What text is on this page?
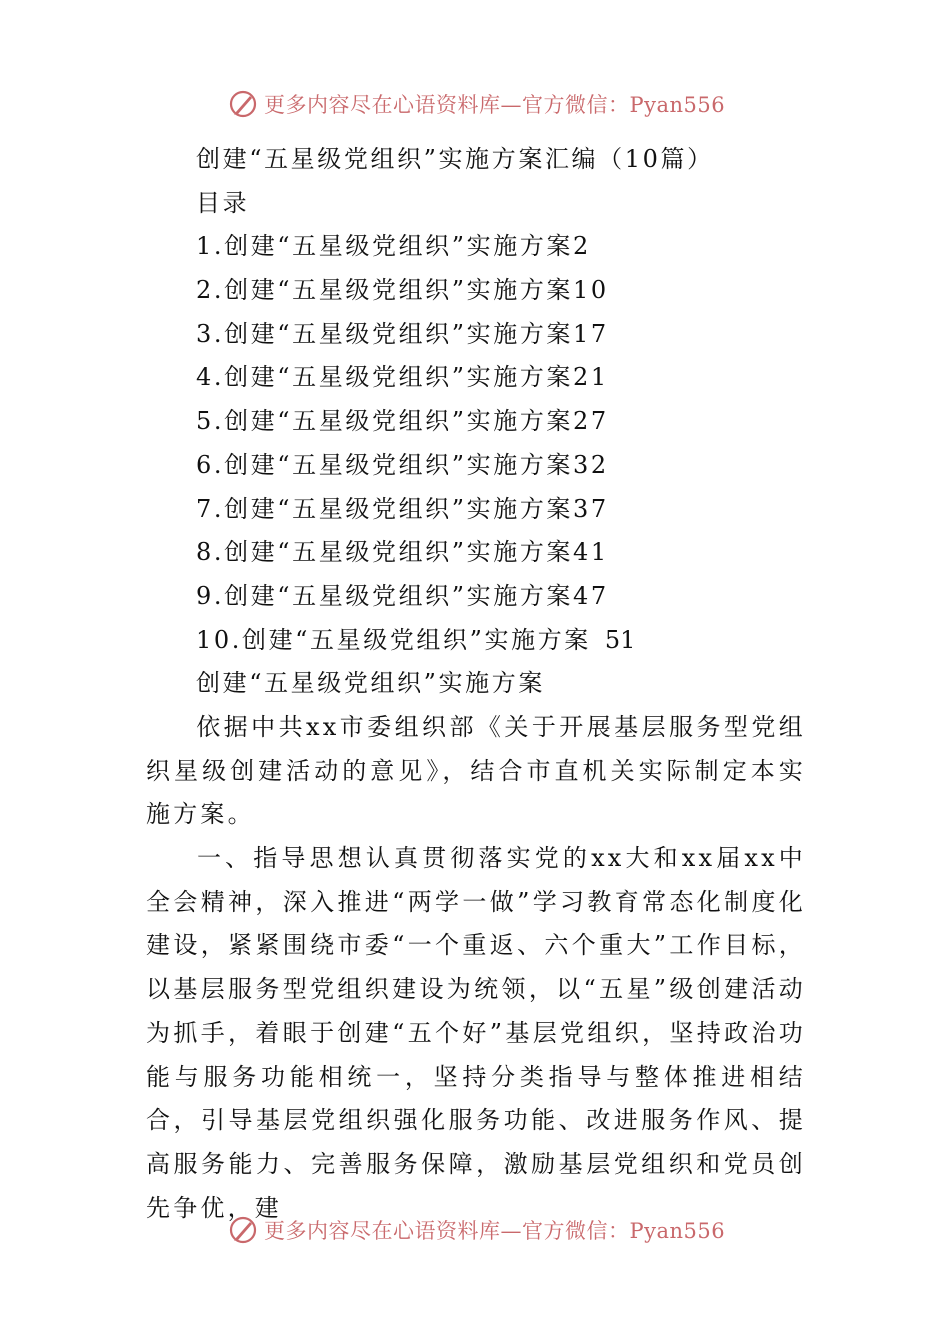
更多内容尽在心语资料库—官方微信：Pyan556
创建“五星级党组织”实施方案汇编（10篇）
目录
1.创建“五星级党组织”实施方案2
2.创建“五星级党组织”实施方案10
3.创建“五星级党组织”实施方案17
4.创建“五星级党组织”实施方案21
5.创建“五星级党组织”实施方案27
6.创建“五星级党组织”实施方案32
7.创建“五星级党组织”实施方案37
8.创建“五星级党组织”实施方案41
9.创建“五星级党组织”实施方案47
10.创建“五星级党组织”实施方案 51
创建“五星级党组织”实施方案
依据中共xx市委组织部《关于开展基层服务型党组织星级创建活动的意见》，结合市直机关实际制定本实施方案。
一、指导思想认真贯彻落实党的xx大和xx届xx中全会精神，深入推进“两学一做”学习教育常态化制度化建设，紧紧围绕市委“一个重返、六个重大”工作目标，以基层服务型党组织建设为统领，以“五星”级创建活动为抓手，着眼于创建“五个好”基层党组织，坚持政治功能与服务功能相统一，坚持分类指导与整体推进相结合，引导基层党组织强化服务功能、改进服务作风、提高服务能力、完善服务保障，激励基层党组织和党员创先争优，建
更多内容尽在心语资料库—官方微信：Pyan556
